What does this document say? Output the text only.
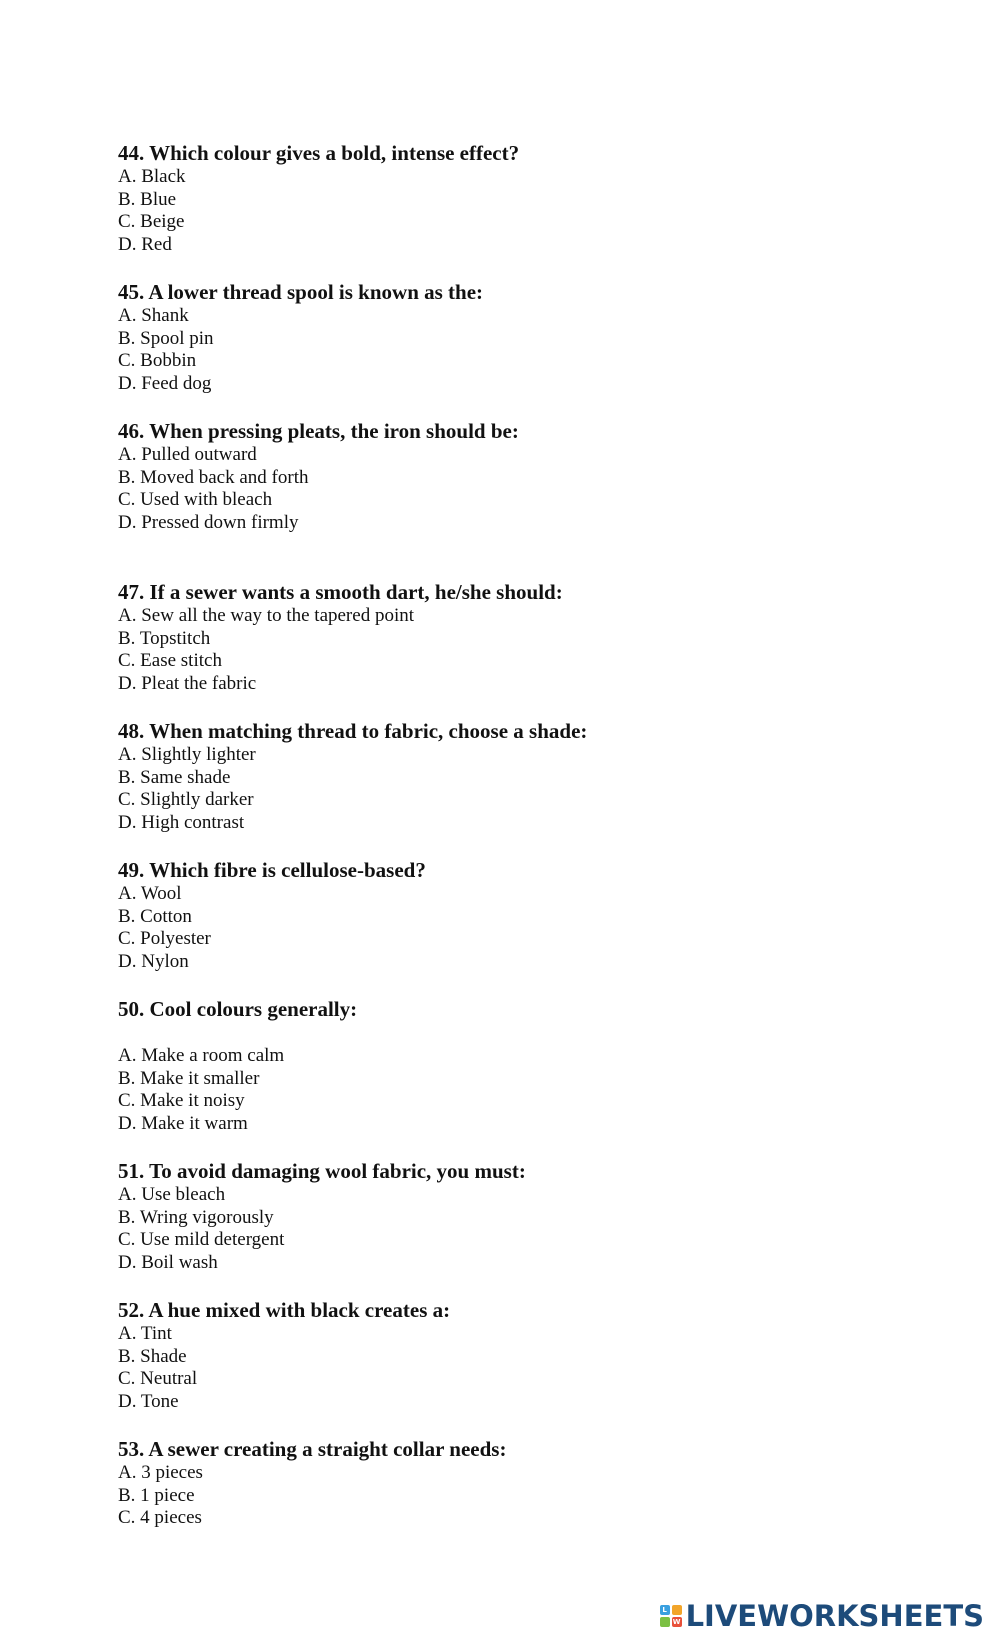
44. Which colour gives a bold, intense effect?
A. Black
B. Blue
C. Beige
D. Red
45. A lower thread spool is known as the:
A. Shank
B. Spool pin
C. Bobbin
D. Feed dog
46. When pressing pleats, the iron should be:
A. Pulled outward
B. Moved back and forth
C. Used with bleach
D. Pressed down firmly
47. If a sewer wants a smooth dart, he/she should:
A. Sew all the way to the tapered point
B. Topstitch
C. Ease stitch
D. Pleat the fabric
48. When matching thread to fabric, choose a shade:
A. Slightly lighter
B. Same shade
C. Slightly darker
D. High contrast
49. Which fibre is cellulose-based?
A. Wool
B. Cotton
C. Polyester
D. Nylon
50. Cool colours generally:
A. Make a room calm
B. Make it smaller
C. Make it noisy
D. Make it warm
51. To avoid damaging wool fabric, you must:
A. Use bleach
B. Wring vigorously
C. Use mild detergent
D. Boil wash
52. A hue mixed with black creates a:
A. Tint
B. Shade
C. Neutral
D. Tone
53. A sewer creating a straight collar needs:
A. 3 pieces
B. 1 piece
C. 4 pieces
L
W LIVEWORKSHEETS
